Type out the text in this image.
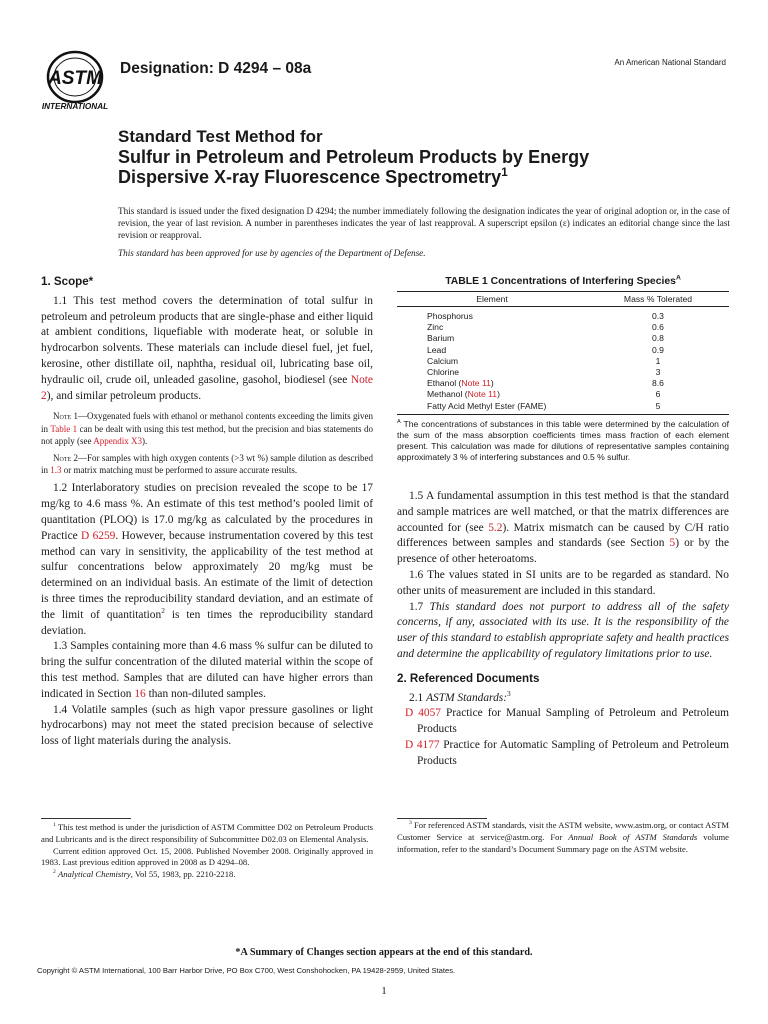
ASTM
INTERNATIONAL
Designation: D 4294 – 08a	An American National Standard
Standard Test Method for
Sulfur in Petroleum and Petroleum Products by Energy
Dispersive X-ray Fluorescence Spectrometry$^1$
This standard is issued under the fixed designation D 4294; the number immediately following the designation indicates the year of original adoption or, in the case of revision, the year of last revision. A number in parentheses indicates the year of last reapproval. A superscript epsilon (ε) indicates an editorial change since the last revision or reapproval.
This standard has been approved for use by agencies of the Department of Defense.
1. Scope*

1.1 This test method covers the determination of total sulfur in petroleum and petroleum products that are single-phase and either liquid at ambient conditions, liquefiable with moderate heat, or soluble in hydrocarbon solvents. These materials can include diesel fuel, jet fuel, kerosine, other distillate oil, naphtha, residual oil, lubricating base oil, hydraulic oil, crude oil, unleaded gasoline, gasohol, biodiesel (see Note 2), and similar petroleum products.

Note 1—Oxygenated fuels with ethanol or methanol contents exceeding the limits given in Table 1 can be dealt with using this test method, but the precision and bias statements do not apply (see Appendix X3).

Note 2—For samples with high oxygen contents (>3 wt %) sample dilution as described in 1.3 or matrix matching must be performed to assure accurate results.

1.2 Interlaboratory studies on precision revealed the scope to be 17 mg/kg to 4.6 mass %. An estimate of this test method’s pooled limit of quantitation (PLOQ) is 17.0 mg/kg as calculated by the procedures in Practice D 6259. However, because instrumentation covered by this test method can vary in sensitivity, the applicability of the test method at sulfur concentrations below approximately 20 mg/kg must be determined on an individual basis. An estimate of the limit of detection is three times the reproducibility standard deviation, and an estimate of the limit of quantitation$^2$ is ten times the reproducibility standard deviation.

1.3 Samples containing more than 4.6 mass % sulfur can be diluted to bring the sulfur concentration of the diluted material within the scope of this test method. Samples that are diluted can have higher errors than indicated in Section 16 than non-diluted samples.

1.4 Volatile samples (such as high vapor pressure gasolines or light hydrocarbons) may not meet the stated precision because of selective loss of light materials during the analysis.

TABLE 1 Concentrations of Interfering Species$^A$
Element	Mass % Tolerated
Phosphorus	0.3
Zinc	0.6
Barium	0.8
Lead	0.9
Calcium	1
Chlorine	3
Ethanol (Note 11)	8.6
Methanol (Note 11)	6
Fatty Acid Methyl Ester (FAME)	5
$^A$ The concentrations of substances in this table were determined by the calculation of the sum of the mass absorption coefficients times mass fraction of each element present. This calculation was made for dilutions of representative samples containing approximately 3 % of interfering substances and 0.5 % sulfur.

1.5 A fundamental assumption in this test method is that the standard and sample matrices are well matched, or that the matrix differences are accounted for (see 5.2). Matrix mismatch can be caused by C/H ratio differences between samples and standards (see Section 5) or by the presence of other heteroatoms.

1.6 The values stated in SI units are to be regarded as standard. No other units of measurement are included in this standard.

1.7 This standard does not purport to address all of the safety concerns, if any, associated with its use. It is the responsibility of the user of this standard to establish appropriate safety and health practices and determine the applicability of regulatory limitations prior to use.

2. Referenced Documents

2.1 ASTM Standards:$^3$

D 4057 Practice for Manual Sampling of Petroleum and Petroleum Products

D 4177 Practice for Automatic Sampling of Petroleum and Petroleum Products

$^1$ This test method is under the jurisdiction of ASTM Committee D02 on Petroleum Products and Lubricants and is the direct responsibility of Subcommittee D02.03 on Elemental Analysis.

Current edition approved Oct. 15, 2008. Published November 2008. Originally approved in 1983. Last previous edition approved in 2008 as D 4294–08.

$^2$ Analytical Chemistry, Vol 55, 1983, pp. 2210-2218.

$^3$ For referenced ASTM standards, visit the ASTM website, www.astm.org, or contact ASTM Customer Service at service@astm.org. For Annual Book of ASTM Standards volume information, refer to the standard’s Document Summary page on the ASTM website.

*A Summary of Changes section appears at the end of this standard.
Copyright © ASTM International, 100 Barr Harbor Drive, PO Box C700, West Conshohocken, PA 19428-2959, United States.
1
